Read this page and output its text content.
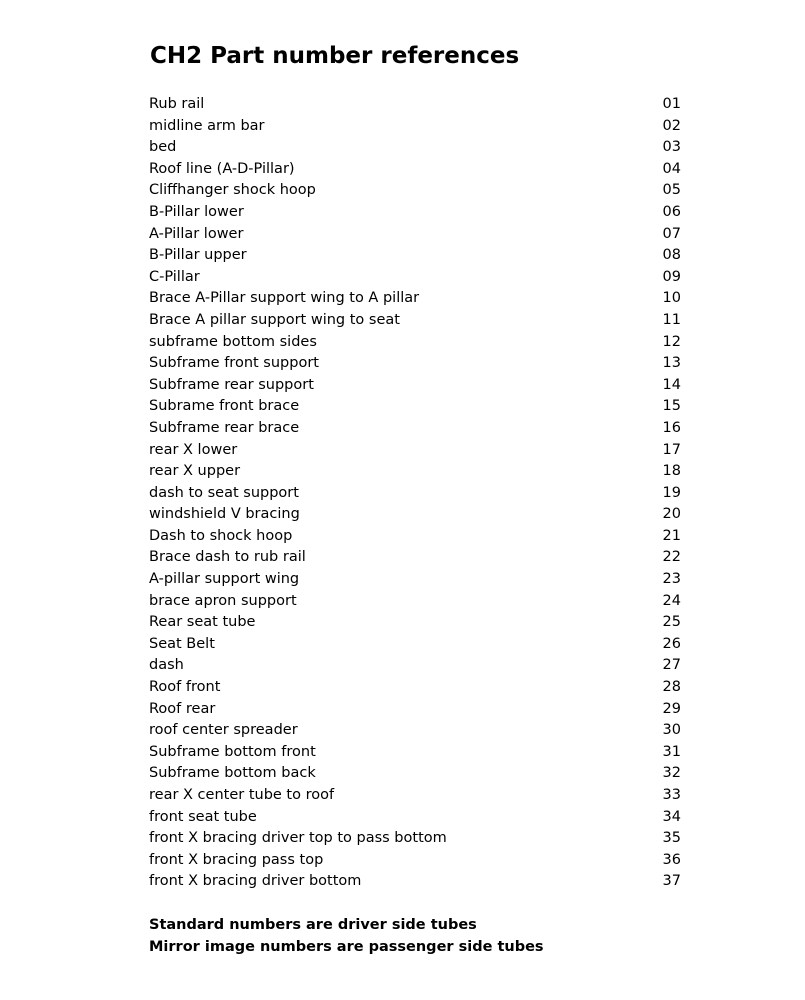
CH2 Part number references
Rub rail	01
midline arm bar	02
bed	03
Roof line (A-D-Pillar)	04
Cliffhanger shock hoop	05
B-Pillar lower	06
A-Pillar lower	07
B-Pillar upper	08
C-Pillar	09
Brace A-Pillar support wing to A pillar	10
Brace A pillar support wing to seat	11
subframe bottom sides	12
Subframe front support	13
Subframe rear support	14
Subrame front brace	15
Subframe rear brace	16
rear X lower	17
rear X upper	18
dash to seat support	19
windshield V bracing	20
Dash to shock hoop	21
Brace dash to rub rail	22
A-pillar support wing	23
brace apron support	24
Rear seat tube	25
Seat Belt	26
dash	27
Roof front	28
Roof rear	29
roof center spreader	30
Subframe bottom front	31
Subframe bottom back	32
rear X center tube to roof	33
front seat tube	34
front X bracing driver top to pass bottom	35
front X bracing pass top	36
front X bracing driver bottom	37
Standard numbers are driver side tubes
Mirror image numbers are passenger side tubes
